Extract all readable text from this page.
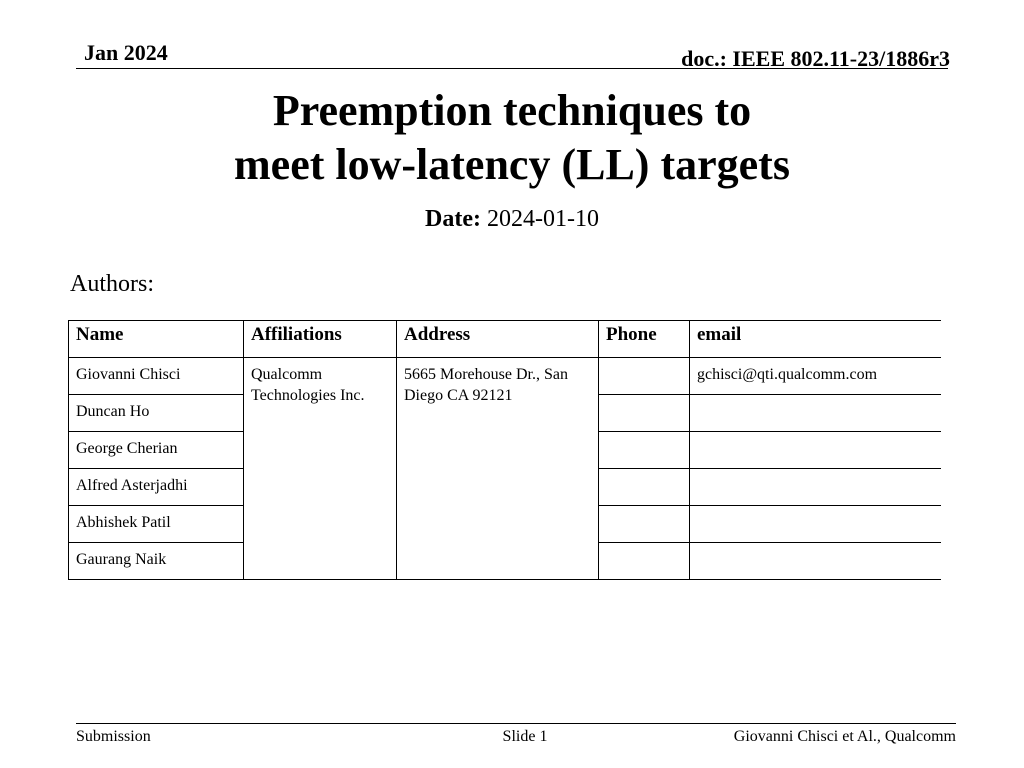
Jan 2024	doc.: IEEE 802.11-23/1886r3
Preemption techniques to
meet low-latency (LL) targets
Date: 2024-01-10
Authors:
Name	Affiliations	Address	Phone	email
Giovanni Chisci	Qualcomm Technologies Inc.	5665 Morehouse Dr., San Diego CA 92121		gchisci@qti.qualcomm.com
Duncan Ho				
George Cherian				
Alfred Asterjadhi				
Abhishek Patil				
Gaurang Naik				
Submission	Slide 1	Giovanni Chisci et Al., Qualcomm
